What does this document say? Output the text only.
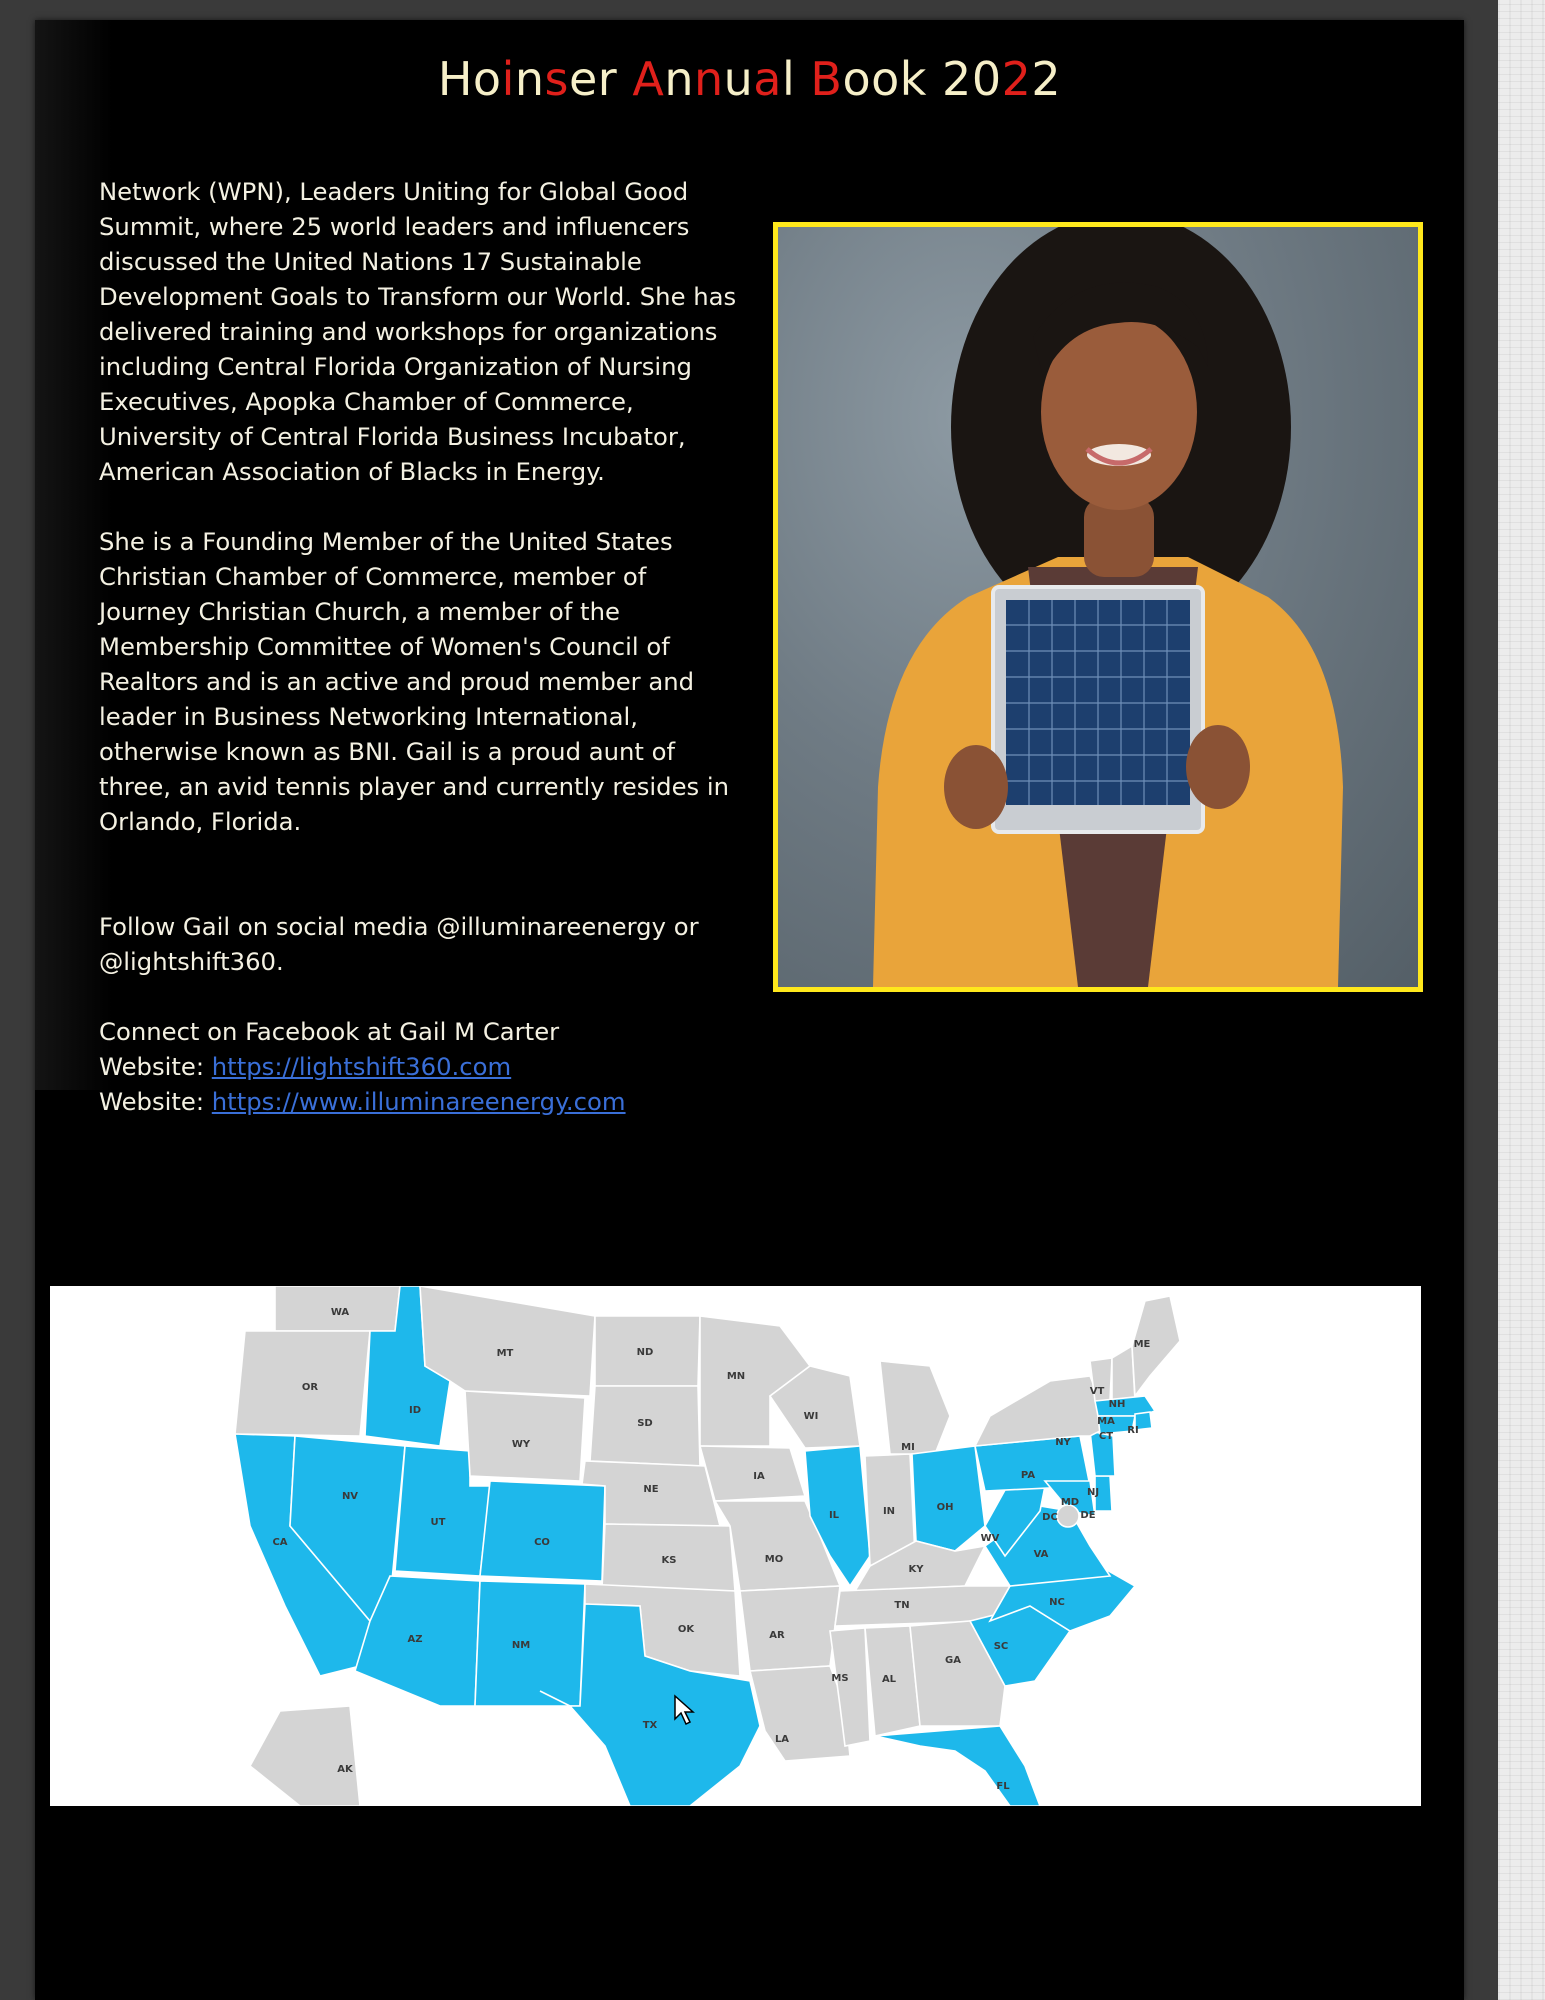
Hoinser Annual Book 2022

Network (WPN), Leaders Uniting for Global Good Summit, where 25 world leaders and influencers discussed the United Nations 17 Sustainable Development Goals to Transform our World. She has delivered training and workshops for organizations including Central Florida Organization of Nursing Executives, Apopka Chamber of Commerce, University of Central Florida Business Incubator, American Association of Blacks in Energy.

She is a Founding Member of the United States Christian Chamber of Commerce, member of Journey Christian Church, a member of the Membership Committee of Women's Council of Realtors and is an active and proud member and leader in Business Networking International, otherwise known as BNI. Gail is a proud aunt of three, an avid tennis player and currently resides in Orlando, Florida.

Follow Gail on social media @illuminareenergy or @lightshift360.

Connect on Facebook at Gail M Carter
Website: https://lightshift360.com
Website: https://www.illuminareenergy.com
WA
OR
ID
MT	ND
SD
WY
NV
CA
UT
CO
AZ
NM
NE
KS
OK
TX
MN
IA
MO
AR
LA
WI
IL	IN
MI
OH
KY
TN
MS	AL
GA
FL
SC
NC
VA
WV
PA
NY
VT
NH
ME
MA
CT
RI
NJ
DE
MD
DC
AK
